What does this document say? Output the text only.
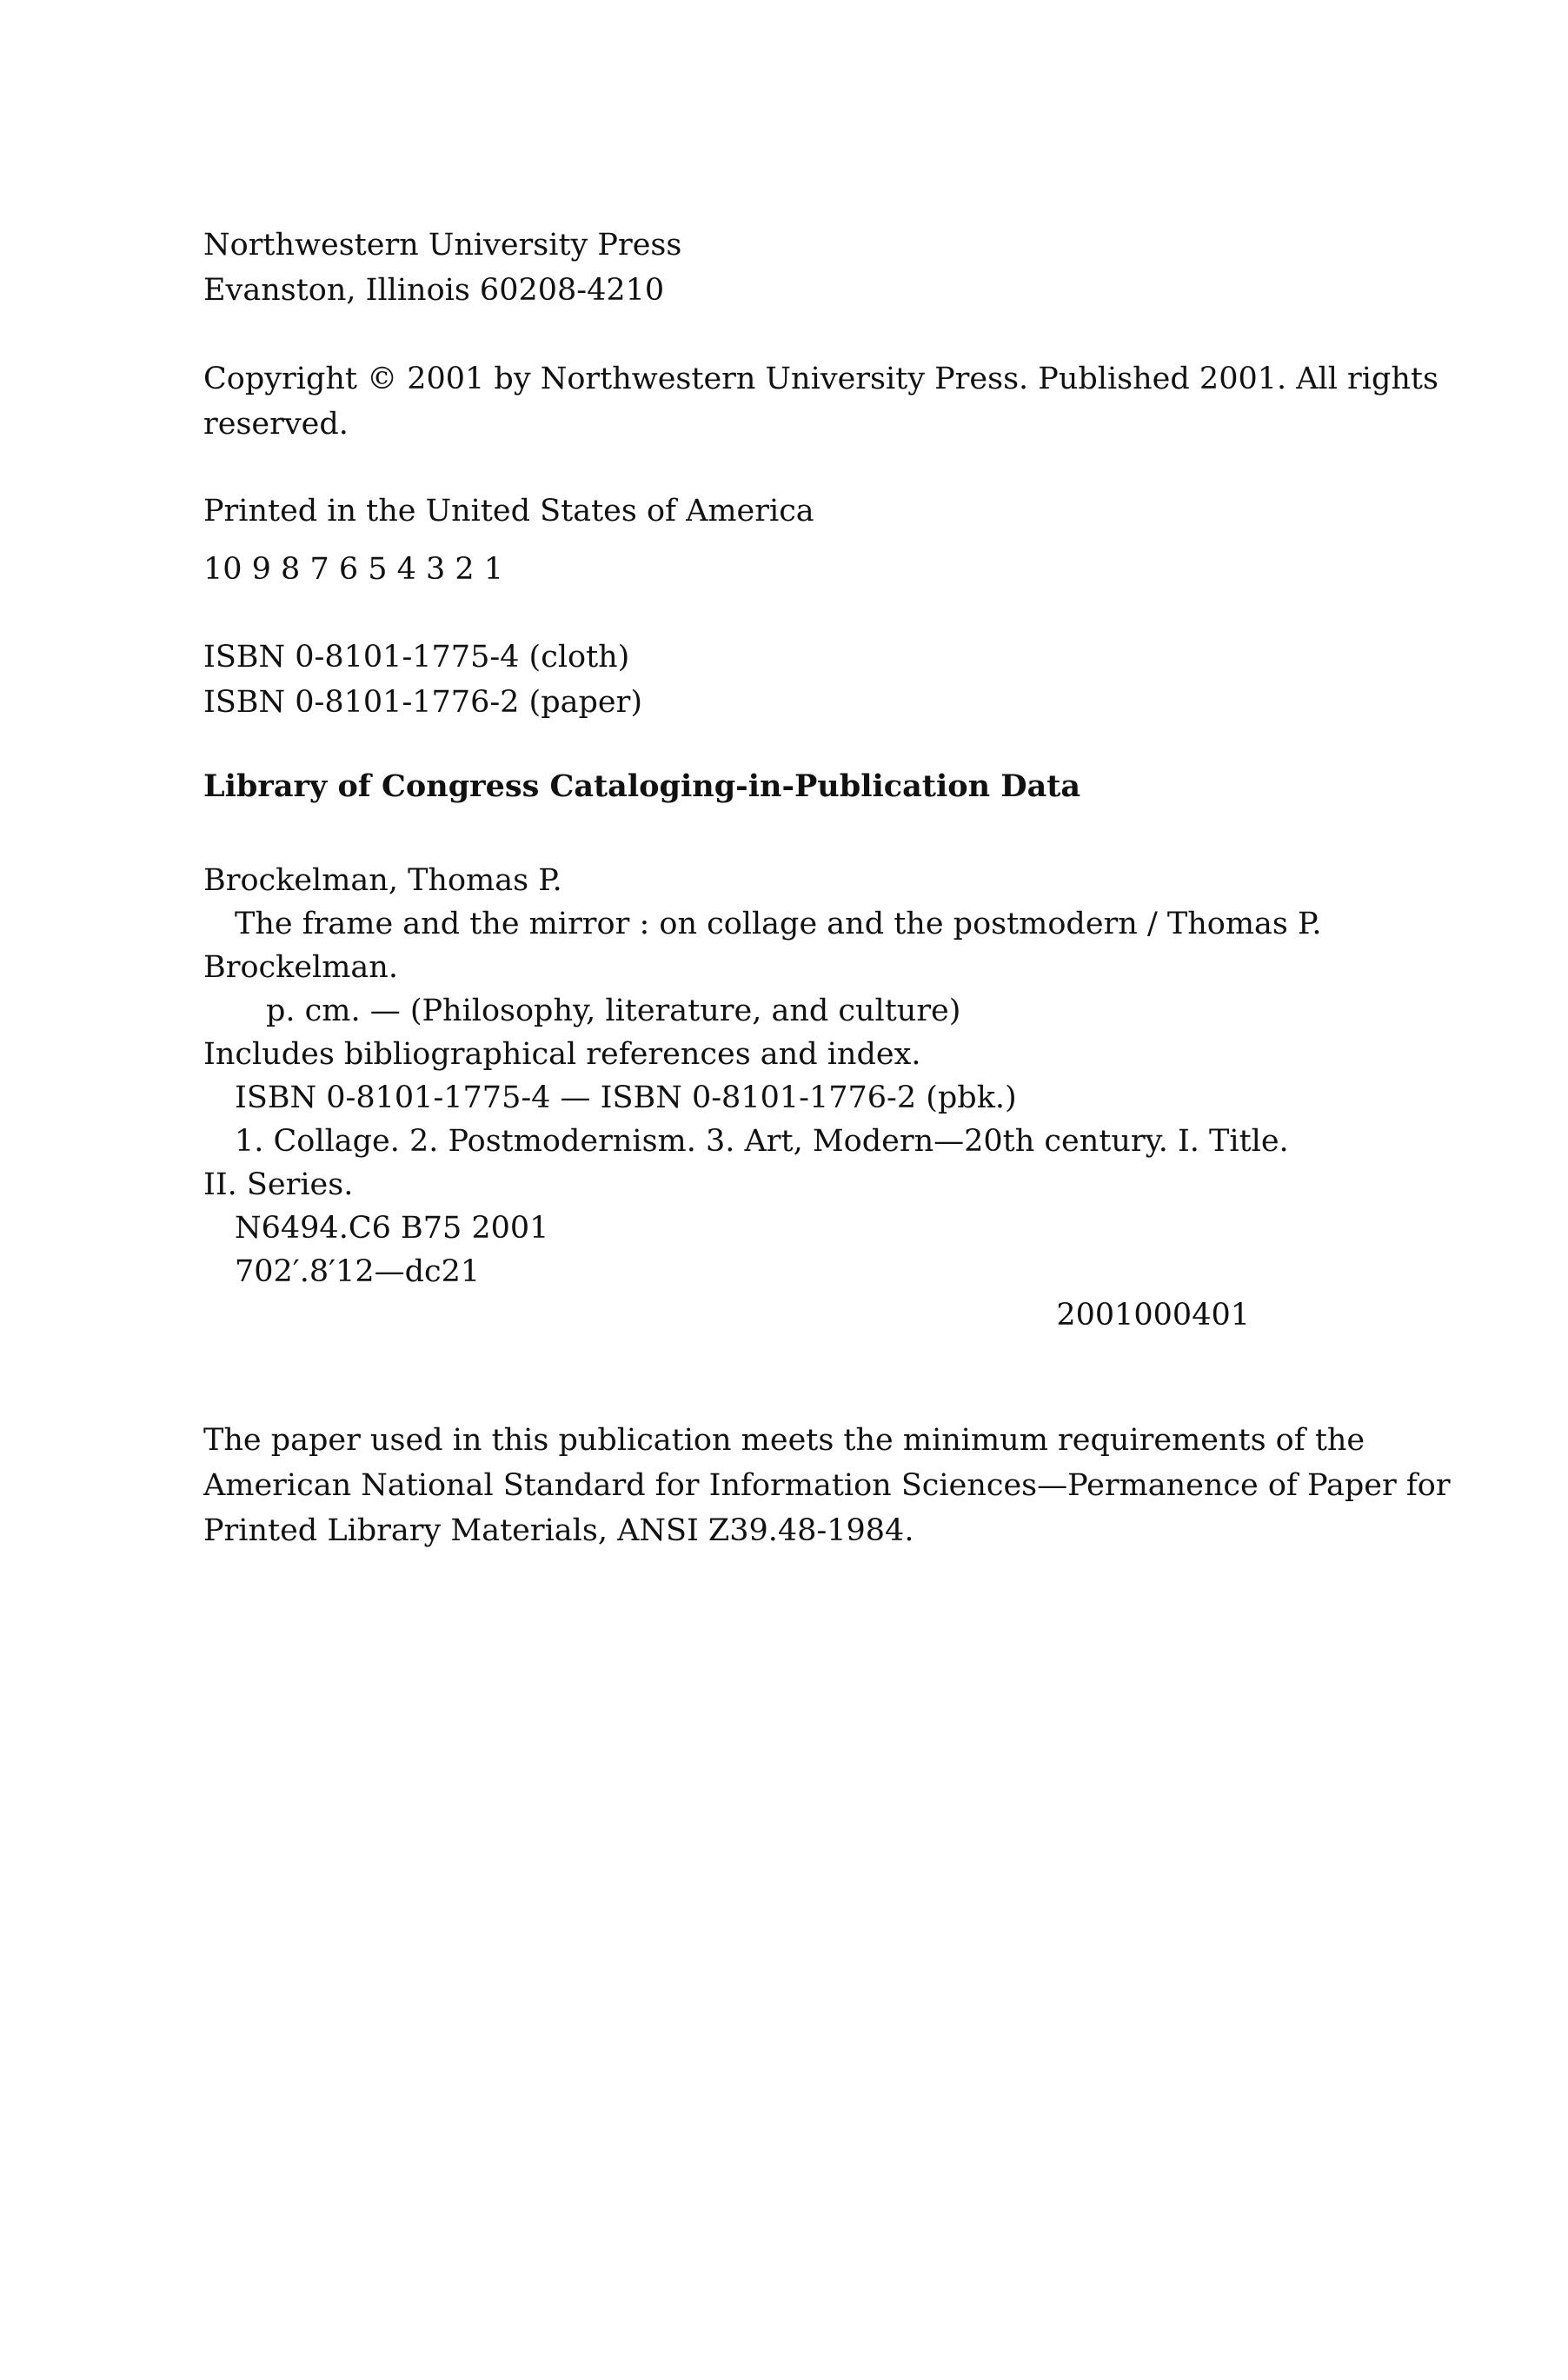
Northwestern University Press
Evanston, Illinois 60208-4210
Copyright © 2001 by Northwestern University Press. Published 2001. All rights
reserved.
Printed in the United States of America
10 9 8 7 6 5 4 3 2 1
ISBN 0-8101-1775-4 (cloth)
ISBN 0-8101-1776-2 (paper)
Library of Congress Cataloging-in-Publication Data
Brockelman, Thomas P.
The frame and the mirror : on collage and the postmodern / Thomas P.
Brockelman.
p. cm. — (Philosophy, literature, and culture)
Includes bibliographical references and index.
ISBN 0-8101-1775-4 — ISBN 0-8101-1776-2 (pbk.)
1. Collage. 2. Postmodernism. 3. Art, Modern—20th century. I. Title.
II. Series.
N6494.C6 B75 2001
702′.8′12—dc21
2001000401
The paper used in this publication meets the minimum requirements of the
American National Standard for Information Sciences—Permanence of Paper for
Printed Library Materials, ANSI Z39.48-1984.
